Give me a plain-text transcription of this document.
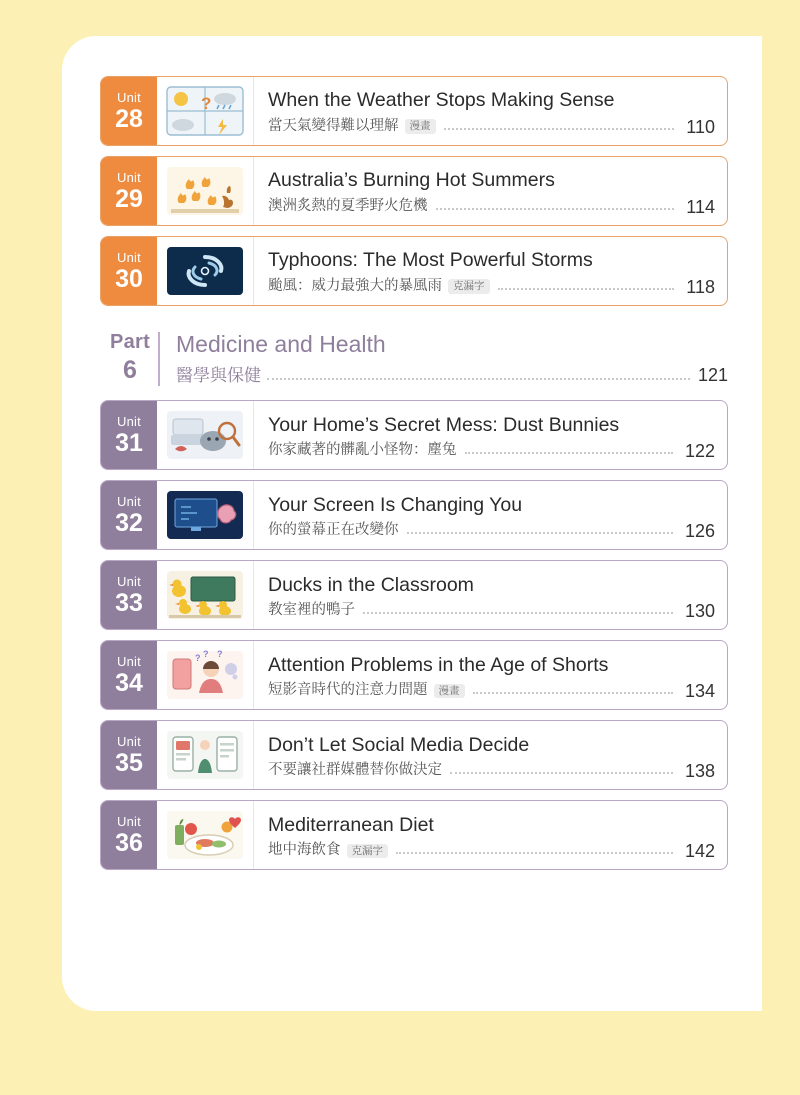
Unit
28
?	When the Weather Stops Making Sense
當天氣變得難以理解	漫畫	110
Unit
29
Australia’s Burning Hot Summers
澳洲炙熱的夏季野火危機	114
Unit
30
Typhoons: The Most Powerful Storms
颱風：威力最強大的暴風雨	克漏字	118
Part
6
Medicine and Health
醫學與保健	121
Unit
31
Your Home’s Secret Mess: Dust Bunnies
你家藏著的髒亂小怪物：塵兔	122
Unit
32
Your Screen Is Changing You
你的螢幕正在改變你	126
Unit
33
Ducks in the Classroom
教室裡的鴨子	130
Unit
34
? ? ? Attention Problems in the Age of Shorts
短影音時代的注意力問題	漫畫	134
Unit
35
Don’t Let Social Media Decide
不要讓社群媒體替你做決定	138
Unit
36
Mediterranean Diet
地中海飲食	克漏字	142
